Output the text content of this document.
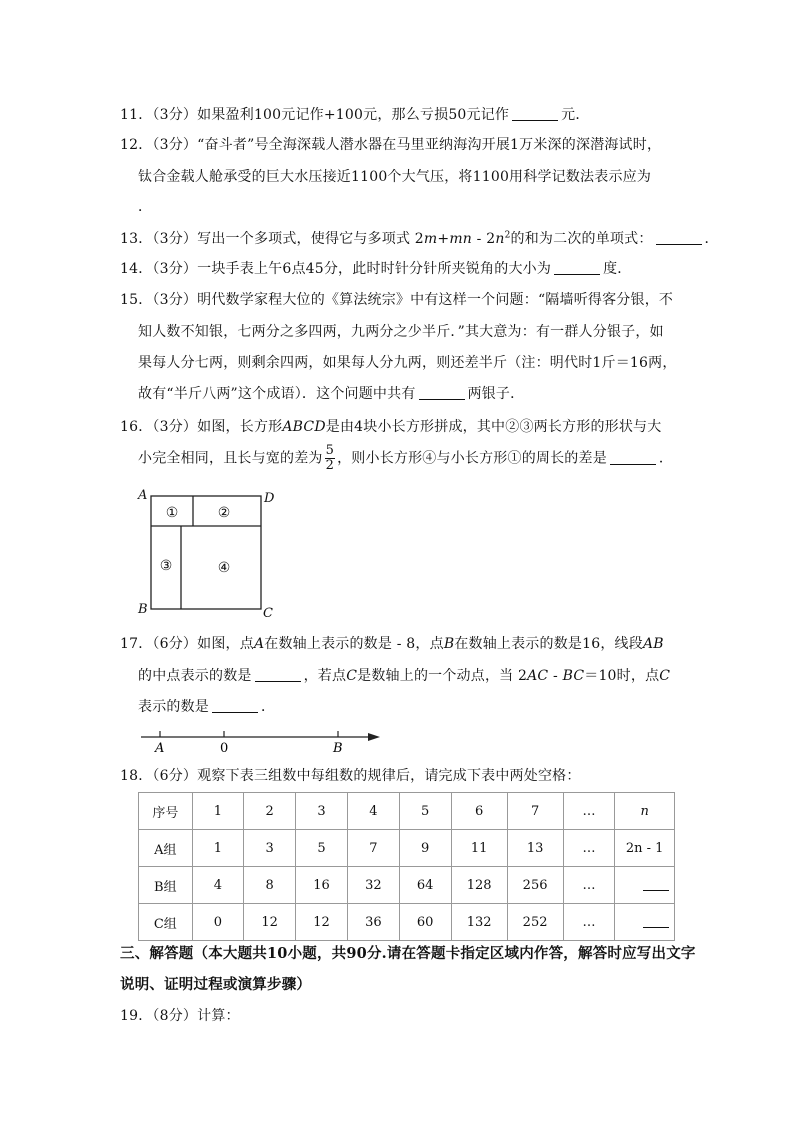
11．（3分）如果盈利100元记作+100元，那么亏损50元记作	元．
12．（3分）“奋斗者”号全海深载人潜水器在马里亚纳海沟开展1万米深的深潜海试时，
钛合金载人舱承受的巨大水压接近1100个大气压，将1100用科学记数法表示应为
．
13．（3分）写出一个多项式，使得它与多项式 $2m+mn - 2n^2$的和为二次的单项式：	．
14．（3分）一块手表上午6点45分，此时时针分针所夹锐角的大小为	度．
15．（3分）明代数学家程大位的《算法统宗》中有这样一个问题：“隔墙听得客分银，不
知人数不知银，七两分之多四两，九两分之少半斤．”其大意为：有一群人分银子，如
果每人分七两，则剩余四两，如果每人分九两，则还差半斤（注：明代时1斤＝16两，
故有“半斤八两”这个成语）．这个问题中共有	两银子．
16．（3分）如图，长方形ABCD是由4块小长方形拼成，其中②③两长方形的形状与大
小完全相同，且长与宽的差为 $\frac{5}{2}$ ，则小长方形④与小长方形①的周长的差是	．
A	D
B	C
①	②
③	④
17．（6分）如图，点A在数轴上表示的数是 - 8，点B在数轴上表示的数是16，线段AB
的中点表示的数是	，若点C是数轴上的一个动点，当 2AC - BC＝10时，点C
表示的数是	．
A	0	B
18．（6分）观察下表三组数中每组数的规律后，请完成下表中两处空格：
序号	1	2	3	4	5	6	7	…	n
A组	1	3	5	7	9	11	13	…	2n - 1
B组	4	8	16	32	64	128	256	…	
C组	0	12	12	36	60	132	252	…	
三、解答题（本大题共10小题，共90分.请在答题卡指定区域内作答，解答时应写出文字
说明、证明过程或演算步骤）
19．（8分）计算：
